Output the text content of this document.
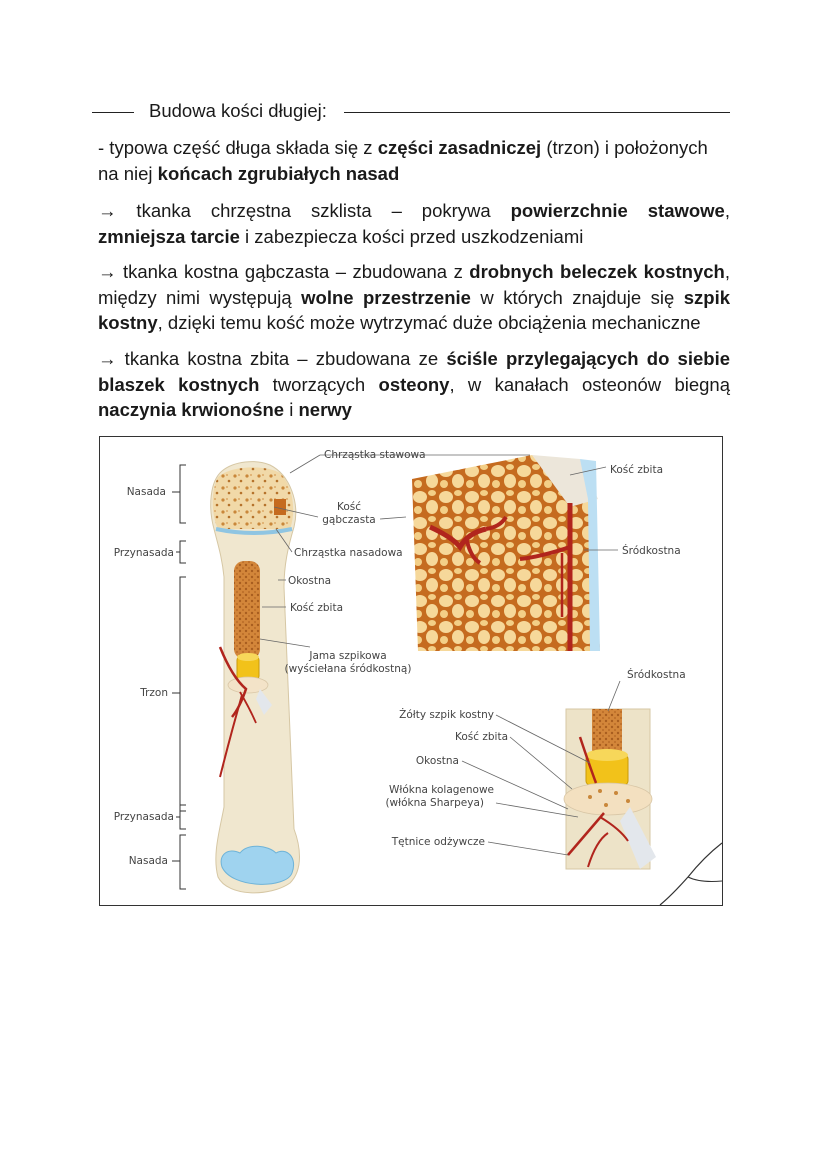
Budowa kości długiej:

- typowa część długa składa się z części zasadniczej (trzon) i położonych
na niej końcach zgrubiałych nasad

→ tkanka chrzęstna szklista – pokrywa powierzchnie stawowe,
zmniejsza tarcie i zabezpiecza kości przed uszkodzeniami

→ tkanka kostna gąbczasta – zbudowana z drobnych beleczek kostnych,
między nimi występują wolne przestrzenie w których znajduje się szpik
kostny, dzięki temu kość może wytrzymać duże obciążenia mechaniczne

→ tkanka kostna zbita – zbudowana ze ściśle przylegających do siebie
blaszek kostnych tworzących osteony, w kanałach osteonów biegną
naczynia krwionośne i nerwy

Nasada
Przynasada
Trzon
Przynasada
Nasada
Chrząstka stawowa
Kość
gąbczasta
Chrząstka nasadowa
Okostna
Kość zbita
Jama szpikowa
(wyściełana śródkostną)
Kość zbita
Śródkostna
Śródkostna
Żółty szpik kostny
Kość zbita
Okostna
Włókna kolagenowe
(włókna Sharpeya)
Tętnice odżywcze
